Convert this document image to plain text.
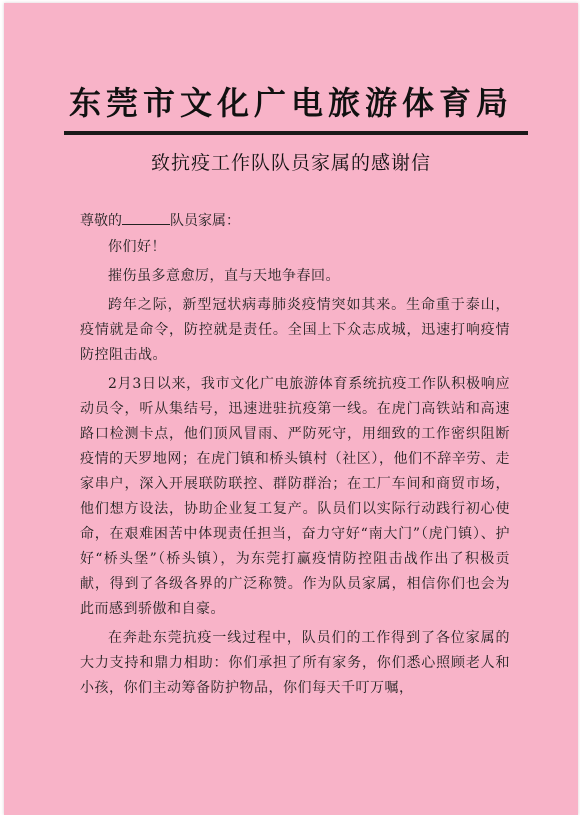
东莞市文化广电旅游体育局
致抗疫工作队队员家属的感谢信
尊敬的	队员家属：

你们好！

摧伤虽多意愈厉，直与天地争春回。

跨年之际，新型冠状病毒肺炎疫情突如其来。生命重于泰山，疫情就是命令，防控就是责任。全国上下众志成城，迅速打响疫情防控阻击战。

2月3日以来，我市文化广电旅游体育系统抗疫工作队积极响应动员令，听从集结号，迅速进驻抗疫第一线。在虎门高铁站和高速路口检测卡点，他们顶风冒雨、严防死守，用细致的工作密织阻断疫情的天罗地网；在虎门镇和桥头镇村（社区），他们不辞辛劳、走家串户，深入开展联防联控、群防群治；在工厂车间和商贸市场，他们想方设法，协助企业复工复产。队员们以实际行动践行初心使命，在艰难困苦中体现责任担当，奋力守好“南大门”（虎门镇）、护好“桥头堡”（桥头镇），为东莞打赢疫情防控阻击战作出了积极贡献，得到了各级各界的广泛称赞。作为队员家属，相信你们也会为此而感到骄傲和自豪。

在奔赴东莞抗疫一线过程中，队员们的工作得到了各位家属的大力支持和鼎力相助：你们承担了所有家务，你们悉心照顾老人和小孩，你们主动筹备防护物品，你们每天千叮万嘱，
